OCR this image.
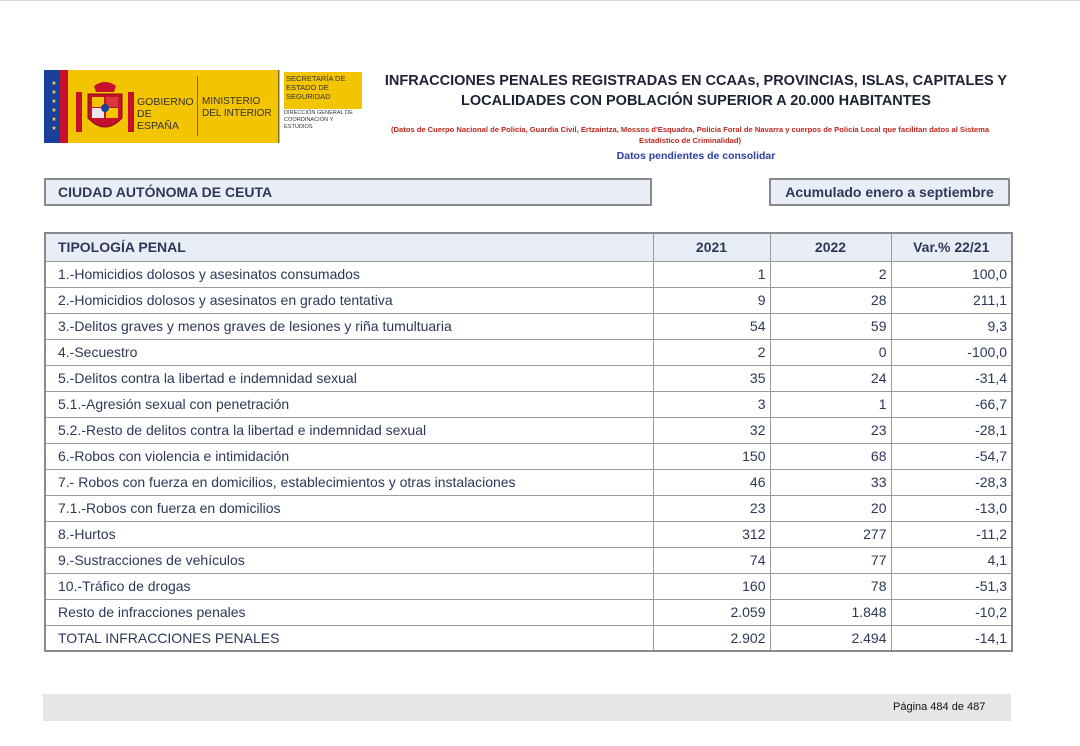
★
★
★
★
★
★
GOBIERNO DE ESPAÑA
MINISTERIO DEL INTERIOR
SECRETARÍA DE ESTADO DE SEGURIDAD
DIRECCIÓN GENERAL DE COORDINACIÓN Y ESTUDIOS
INFRACCIONES PENALES REGISTRADAS EN CCAAs, PROVINCIAS, ISLAS, CAPITALES Y
LOCALIDADES CON POBLACIÓN SUPERIOR A 20.000 HABITANTES
(Datos de Cuerpo Nacional de Policía, Guardia Civil, Ertzaintza, Mossos d'Esquadra, Policía Foral de Navarra y cuerpos de Policía Local que facilitan datos al Sistema Estadístico de Criminalidad)
Datos pendientes de consolidar
CIUDAD AUTÓNOMA DE CEUTA	Acumulado enero a septiembre
TIPOLOGÍA PENAL	2021	2022	Var.% 22/21
1.-Homicidios dolosos y asesinatos consumados	1	2	100,0
2.-Homicidios dolosos y asesinatos en grado tentativa	9	28	211,1
3.-Delitos graves y menos graves de lesiones y riña tumultuaria	54	59	9,3
4.-Secuestro	2	0	-100,0
5.-Delitos contra la libertad e indemnidad sexual	35	24	-31,4
5.1.-Agresión sexual con penetración	3	1	-66,7
5.2.-Resto de delitos contra la libertad e indemnidad sexual	32	23	-28,1
6.-Robos con violencia e intimidación	150	68	-54,7
7.- Robos con fuerza en domicilios, establecimientos y otras instalaciones	46	33	-28,3
7.1.-Robos con fuerza en domicilios	23	20	-13,0
8.-Hurtos	312	277	-11,2
9.-Sustracciones de vehículos	74	77	4,1
10.-Tráfico de drogas	160	78	-51,3
Resto de infracciones penales	2.059	1.848	-10,2
TOTAL INFRACCIONES PENALES	2.902	2.494	-14,1
Página 484 de 487
